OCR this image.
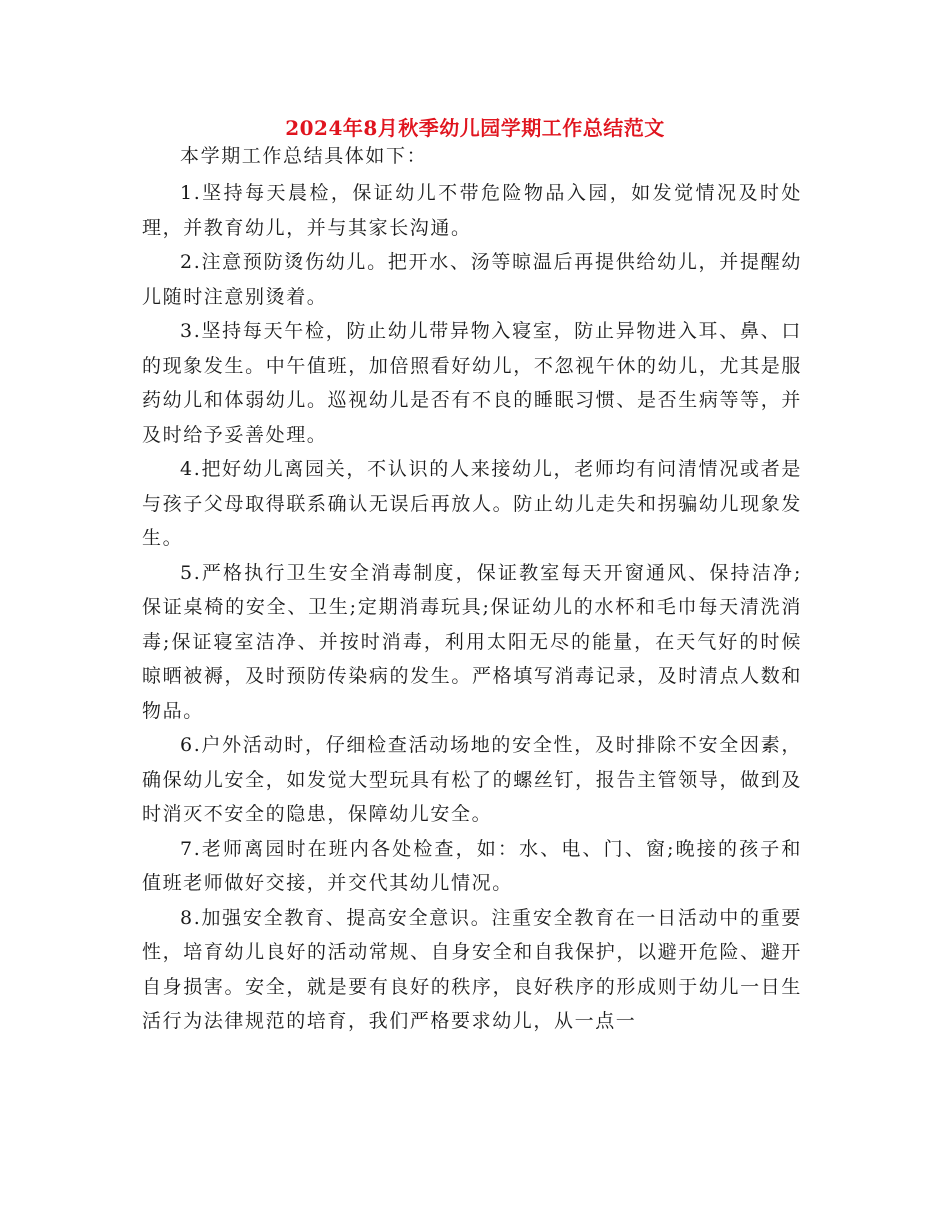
2024年8月秋季幼儿园学期工作总结范文

本学期工作总结具体如下：

1.坚持每天晨检，保证幼儿不带危险物品入园，如发觉情况及时处理，并教育幼儿，并与其家长沟通。

2.注意预防烫伤幼儿。把开水、汤等晾温后再提供给幼儿，并提醒幼儿随时注意别烫着。

3.坚持每天午检，防止幼儿带异物入寝室，防止异物进入耳、鼻、口的现象发生。中午值班，加倍照看好幼儿，不忽视午休的幼儿，尤其是服药幼儿和体弱幼儿。巡视幼儿是否有不良的睡眠习惯、是否生病等等，并及时给予妥善处理。

4.把好幼儿离园关，不认识的人来接幼儿，老师均有问清情况或者是与孩子父母取得联系确认无误后再放人。防止幼儿走失和拐骗幼儿现象发生。

5.严格执行卫生安全消毒制度，保证教室每天开窗通风、保持洁净;保证桌椅的安全、卫生;定期消毒玩具;保证幼儿的水杯和毛巾每天清洗消毒;保证寝室洁净、并按时消毒，利用太阳无尽的能量，在天气好的时候晾晒被褥，及时预防传染病的发生。严格填写消毒记录，及时清点人数和物品。

6.户外活动时，仔细检查活动场地的安全性，及时排除不安全因素，确保幼儿安全，如发觉大型玩具有松了的螺丝钉，报告主管领导，做到及时消灭不安全的隐患，保障幼儿安全。

7.老师离园时在班内各处检查，如：水、电、门、窗;晚接的孩子和值班老师做好交接，并交代其幼儿情况。

8.加强安全教育、提高安全意识。注重安全教育在一日活动中的重要性，培育幼儿良好的活动常规、自身安全和自我保护，以避开危险、避开自身损害。安全，就是要有良好的秩序，良好秩序的形成则于幼儿一日生活行为法律规范的培育，我们严格要求幼儿，从一点一
